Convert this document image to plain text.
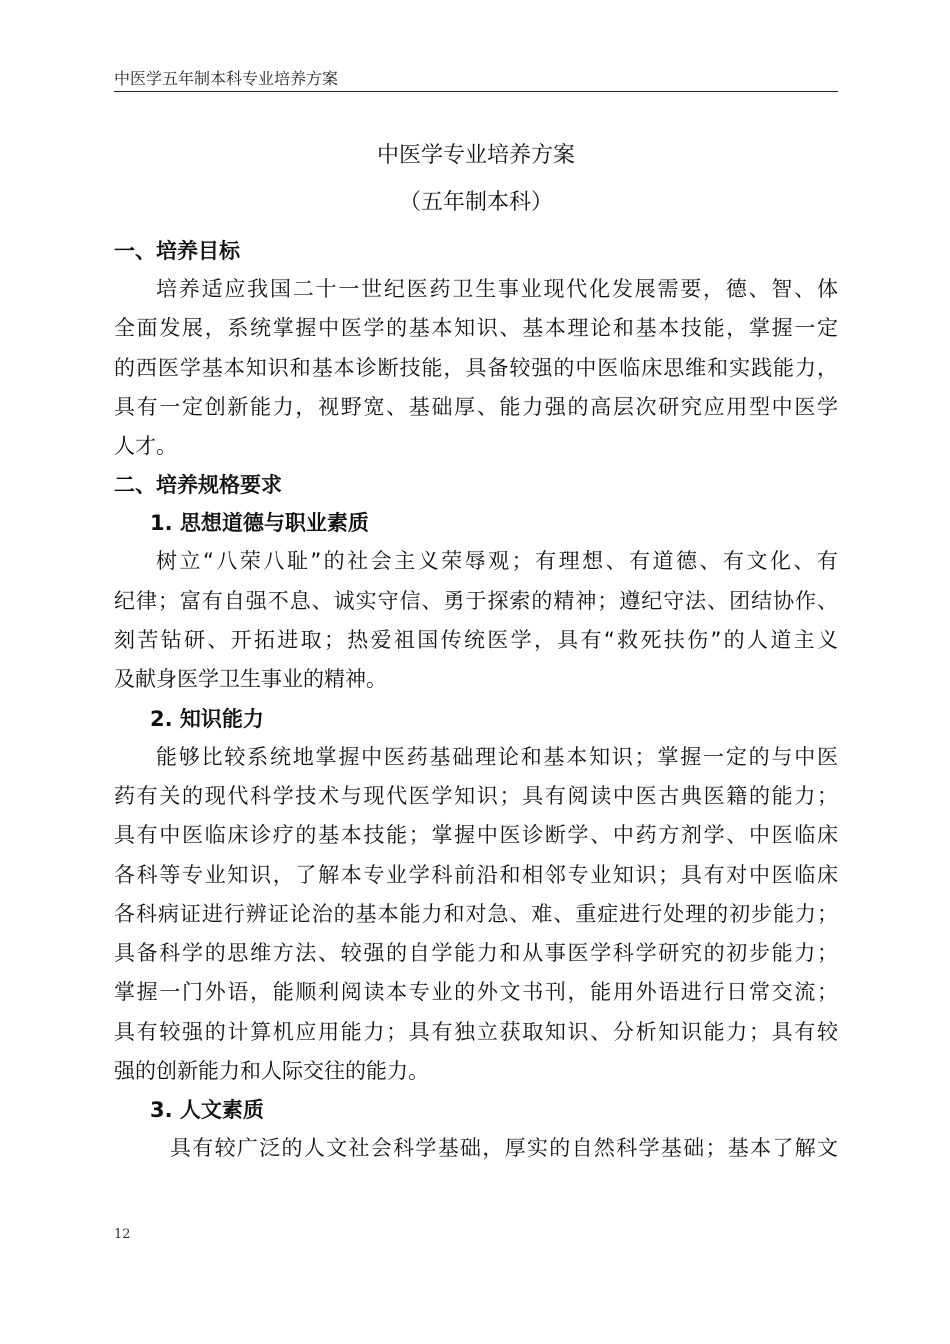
中医学五年制本科专业培养方案
中医学专业培养方案
（五年制本科）
一、培养目标
培养适应我国二十一世纪医药卫生事业现代化发展需要，德、智、体
全面发展，系统掌握中医学的基本知识、基本理论和基本技能，掌握一定
的西医学基本知识和基本诊断技能，具备较强的中医临床思维和实践能力，
具有一定创新能力，视野宽、基础厚、能力强的高层次研究应用型中医学
人才。
二、培养规格要求
1. 思想道德与职业素质
树立“八荣八耻”的社会主义荣辱观；有理想、有道德、有文化、有
纪律；富有自强不息、诚实守信、勇于探索的精神；遵纪守法、团结协作、
刻苦钻研、开拓进取；热爱祖国传统医学，具有“救死扶伤”的人道主义
及献身医学卫生事业的精神。
2. 知识能力
能够比较系统地掌握中医药基础理论和基本知识；掌握一定的与中医
药有关的现代科学技术与现代医学知识；具有阅读中医古典医籍的能力；
具有中医临床诊疗的基本技能；掌握中医诊断学、中药方剂学、中医临床
各科等专业知识，了解本专业学科前沿和相邻专业知识；具有对中医临床
各科病证进行辨证论治的基本能力和对急、难、重症进行处理的初步能力；
具备科学的思维方法、较强的自学能力和从事医学科学研究的初步能力；
掌握一门外语，能顺利阅读本专业的外文书刊，能用外语进行日常交流；
具有较强的计算机应用能力；具有独立获取知识、分析知识能力；具有较
强的创新能力和人际交往的能力。
3. 人文素质
具有较广泛的人文社会科学基础，厚实的自然科学基础；基本了解文
12
